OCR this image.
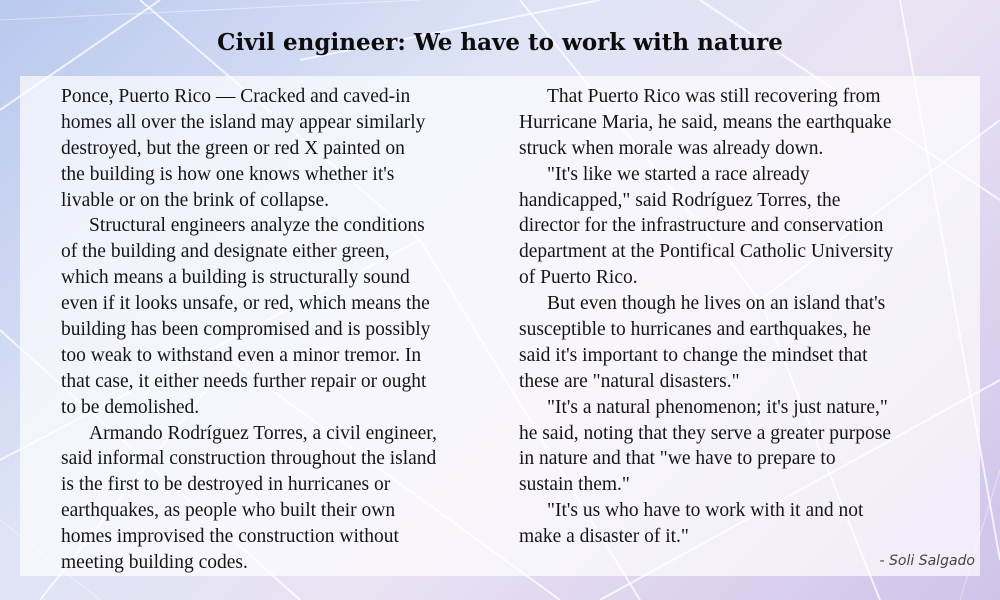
Civil engineer: We have to work with nature
Ponce, Puerto Rico — Cracked and caved-in
homes all over the island may appear similarly
destroyed, but the green or red X painted on
the building is how one knows whether it's
livable or on the brink of collapse.
Structural engineers analyze the conditions
of the building and designate either green,
which means a building is structurally sound
even if it looks unsafe, or red, which means the
building has been compromised and is possibly
too weak to withstand even a minor tremor. In
that case, it either needs further repair or ought
to be demolished.
Armando Rodríguez Torres, a civil engineer,
said informal construction throughout the island
is the first to be destroyed in hurricanes or
earthquakes, as people who built their own
homes improvised the construction without
meeting building codes.
That Puerto Rico was still recovering from
Hurricane Maria, he said, means the earthquake
struck when morale was already down.
"It's like we started a race already
handicapped," said Rodríguez Torres, the
director for the infrastructure and conservation
department at the Pontifical Catholic University
of Puerto Rico.
But even though he lives on an island that's
susceptible to hurricanes and earthquakes, he
said it's important to change the mindset that
these are "natural disasters."
"It's a natural phenomenon; it's just nature,"
he said, noting that they serve a greater purpose
in nature and that "we have to prepare to
sustain them."
"It's us who have to work with it and not
make a disaster of it."
- Soli Salgado
